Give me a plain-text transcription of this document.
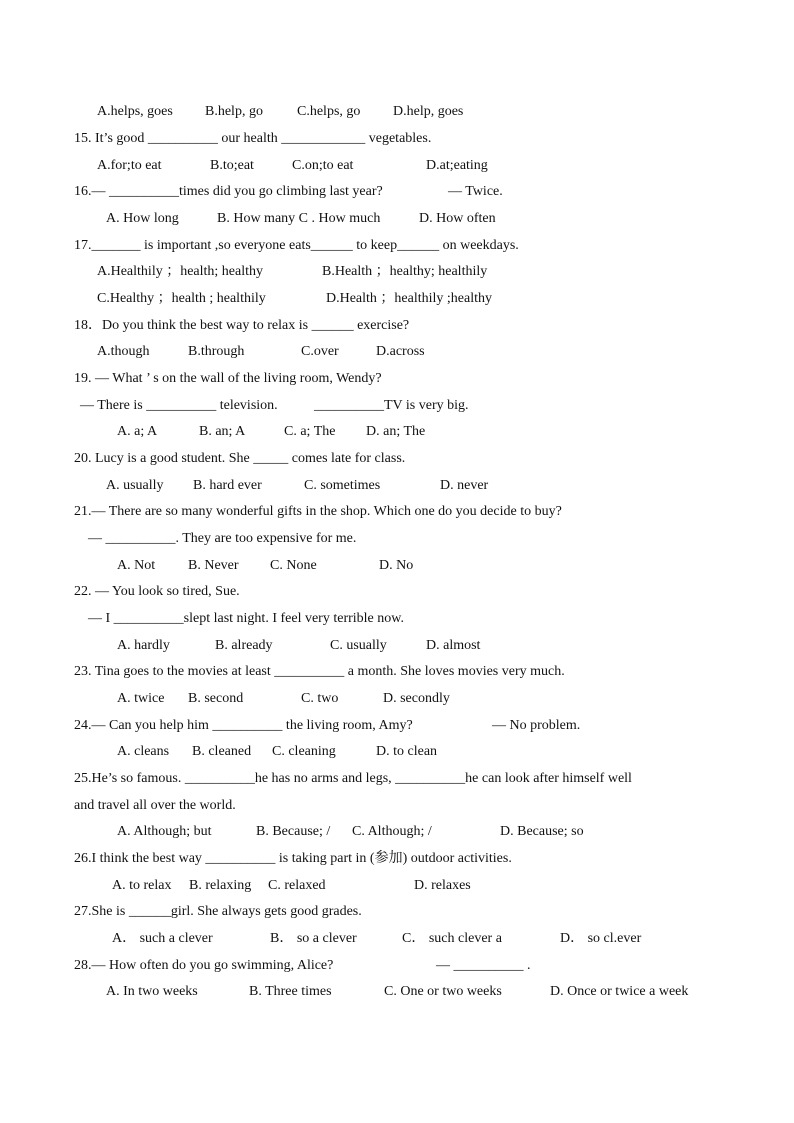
A.helps, goes B.help, go C.helps, go D.help, goes
15. It’s good __________ our health ____________ vegetables.
A.for;to eat	B.to;eat	C.on;to eat	D.at;eating
16.— __________times did you go climbing last year?	— Twice.
A. How long	B. How many C . How much	D. How often
17._______ is important ,so everyone eats______ to keep______ on weekdays.
A.Healthily ；health; healthy	B.Health ；healthy; healthily
C.Healthy ；health ; healthily	D.Health ；healthily ;healthy
18．Do you think the best way to relax is ______ exercise?
A.though	B.through	C.over	D.across
19. — What ’ s on the wall of the living room, Wendy?
— There is __________ television.	__________TV is very big.
A. a; A	B. an; A	C. a; The D. an; The
20. Lucy is a good student. She _____ comes late for class.
A. usually B. hard ever	C. sometimes	D. never
21.— There are so many wonderful gifts in the shop. Which one do you decide to buy?
— __________. They are too expensive for me.
A. Not B. Never C. None	D. No
22. — You look so tired, Sue.
— I __________slept last night. I feel very terrible now.
A. hardly	B. already	C. usually	D. almost
23. Tina goes to the movies at least __________ a month. She loves movies very much.
A. twice B. second	C. two	D. secondly
24.— Can you help him __________ the living room, Amy?	— No problem.
A. cleans B. cleaned C. cleaning	D. to clean
25.He’s so famous. __________he has no arms and legs, __________he can look after himself well
and travel all over the world.
A. Although; but	B. Because; / C. Although; /	D. Because; so
26.I think the best way __________ is taking part in (参加) outdoor activities.
A. to relax B. relaxing C. relaxed	D. relaxes
27.She is ______girl. She always gets good grades.
A． such a clever	B． so a clever	C． such clever a	D． so cl.ever
28.— How often do you go swimming, Alice?	— __________ .
A. In two weeks	B. Three times	C. One or two weeks	D. Once or twice a week
